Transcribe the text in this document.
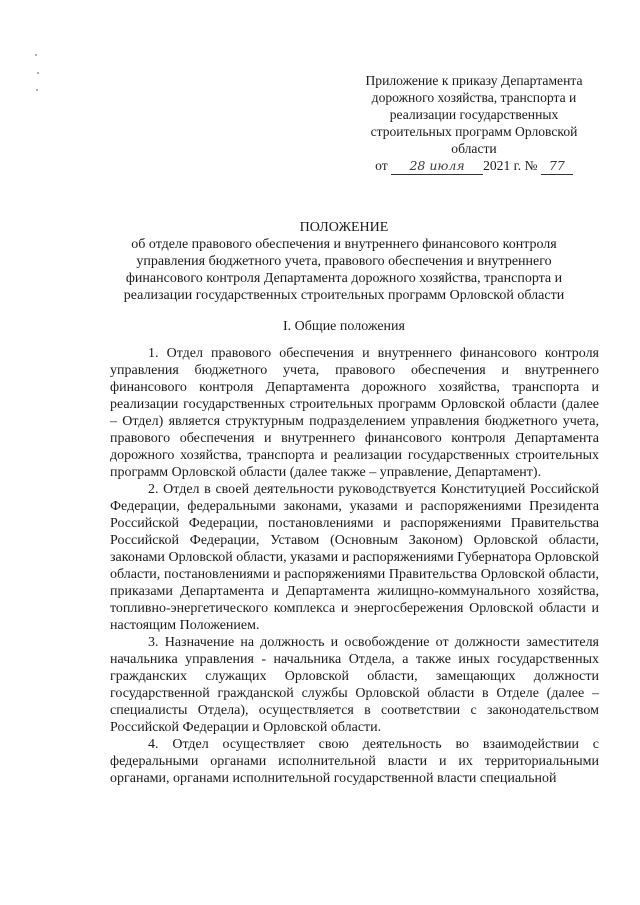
Приложение к приказу Департамента
дорожного хозяйства, транспорта и
реализации государственных
строительных программ Орловской
области
от 28 июля 2021 г. № 77
ПОЛОЖЕНИЕ
об отделе правового обеспечения и внутреннего финансового контроля
управления бюджетного учета, правового обеспечения и внутреннего
финансового контроля Департамента дорожного хозяйства, транспорта и
реализации государственных строительных программ Орловской области
I. Общие положения

1. Отдел правового обеспечения и внутреннего финансового контроля управления бюджетного учета, правового обеспечения и внутреннего финансового контроля Департамента дорожного хозяйства, транспорта и реализации государственных строительных программ Орловской области (далее – Отдел) является структурным подразделением управления бюджетного учета, правового обеспечения и внутреннего финансового контроля Департамента дорожного хозяйства, транспорта и реализации государственных строительных программ Орловской области (далее также – управление, Департамент).

2. Отдел в своей деятельности руководствуется Конституцией Российской Федерации, федеральными законами, указами и распоряжениями Президента Российской Федерации, постановлениями и распоряжениями Правительства Российской Федерации, Уставом (Основным Законом) Орловской области, законами Орловской области, указами и распоряжениями Губернатора Орловской области, постановлениями и распоряжениями Правительства Орловской области, приказами Департамента и Департамента жилищно-коммунального хозяйства, топливно-энергетического комплекса и энергосбережения Орловской области и настоящим Положением.

3. Назначение на должность и освобождение от должности заместителя начальника управления - начальника Отдела, а также иных государственных гражданских служащих Орловской области, замещающих должности государственной гражданской службы Орловской области в Отделе (далее – специалисты Отдела), осуществляется в соответствии с законодательством Российской Федерации и Орловской области.

4. Отдел осуществляет свою деятельность во взаимодействии с федеральными органами исполнительной власти и их территориальными органами, органами исполнительной государственной власти специальной
